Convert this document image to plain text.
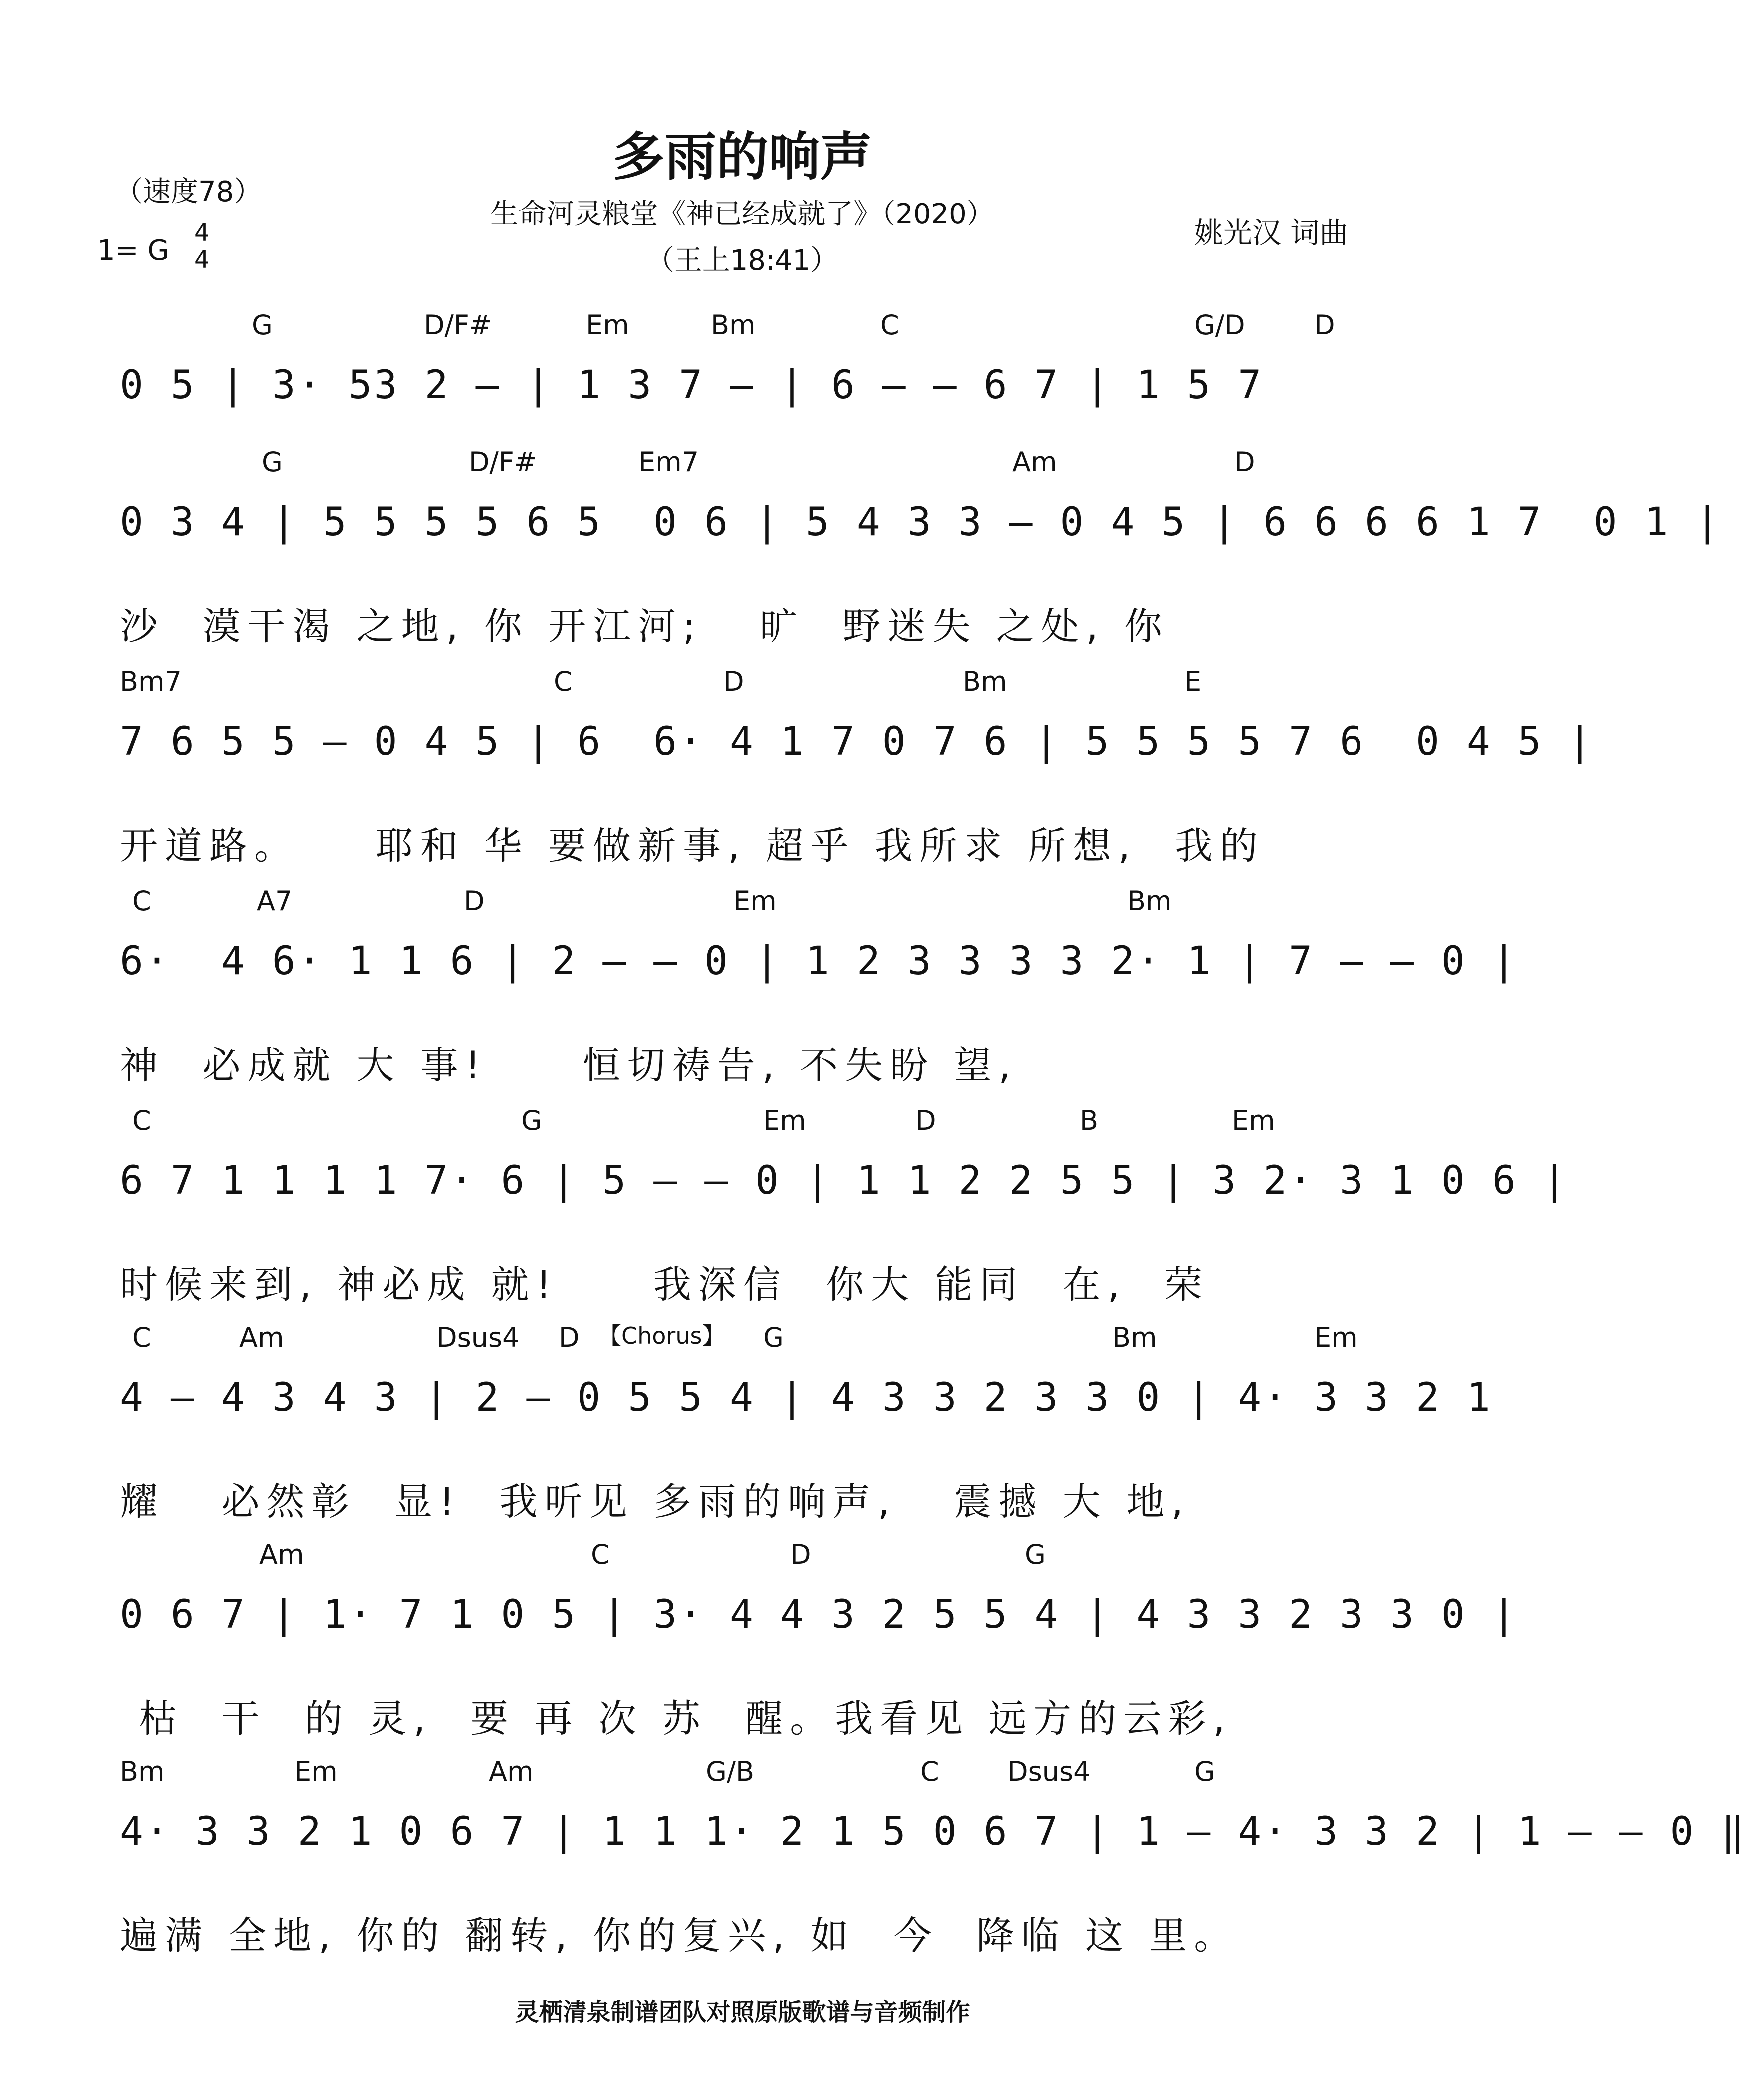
多雨的响声
生命河灵粮堂《神已经成就了》（2020）
（王上18:41）
（速度78）
1= G
4
4
姚光汉 词曲
G	D/F#	Em	Bm	C	G/D	D
0 5 | 3· 53 2 – | 1 3 7 – | 6 – – 6 7 | 1 5 7
G	D/F#	Em7	Am	D
0 3 4 | 5 5 5 5 6 5  0 6 | 5 4 3 3 – 0 4 5 | 6 6 6 6 1 7  0 1 |
沙  漠干渴 之地, 你 开江河;   旷  野迷失 之处, 你
Bm7	C	D	Bm	E
7 6 5 5 – 0 4 5 | 6  6· 4 1 7 0 7 6 | 5 5 5 5 7 6  0 4 5 |
开道路。    耶和 华 要做新事, 超乎 我所求 所想,  我的
C	A7	D	Em	Bm
6·  4 6· 1 1 6 | 2 – – 0 | 1 2 3 3 3 3 2· 1 | 7 – – 0 |
神  必成就 大 事!     恒切祷告, 不失盼 望,
C	G	Em	D	B	Em
6 7 1 1 1 1 7· 6 | 5 – – 0 | 1 1 2 2 5 5 | 3 2· 3 1 0 6 |
时候来到, 神必成 就!     我深信  你大 能同  在,  荣
C	Am	Dsus4 D 【Chorus】 G	Bm	Em
4 – 4 3 4 3 | 2 – 0 5 5 4 | 4 3 3 2 3 3 0 | 4· 3 3 2 1
耀   必然彰  显!  我听见 多雨的响声,   震撼 大 地,
Am	C	D	G
0 6 7 | 1· 7 1 0 5 | 3· 4 4 3 2 5 5 4 | 4 3 3 2 3 3 0 |
枯  干  的 灵,  要 再 次 苏  醒。我看见 远方的云彩,
Bm	Em	Am	G/B	C	Dsus4	G
4· 3 3 2 1 0 6 7 | 1 1 1· 2 1 5 0 6 7 | 1 – 4· 3 3 2 | 1 – – 0 ‖
遍满 全地, 你的 翻转, 你的复兴, 如  今  降临 这 里。
灵栖清泉制谱团队对照原版歌谱与音频制作
